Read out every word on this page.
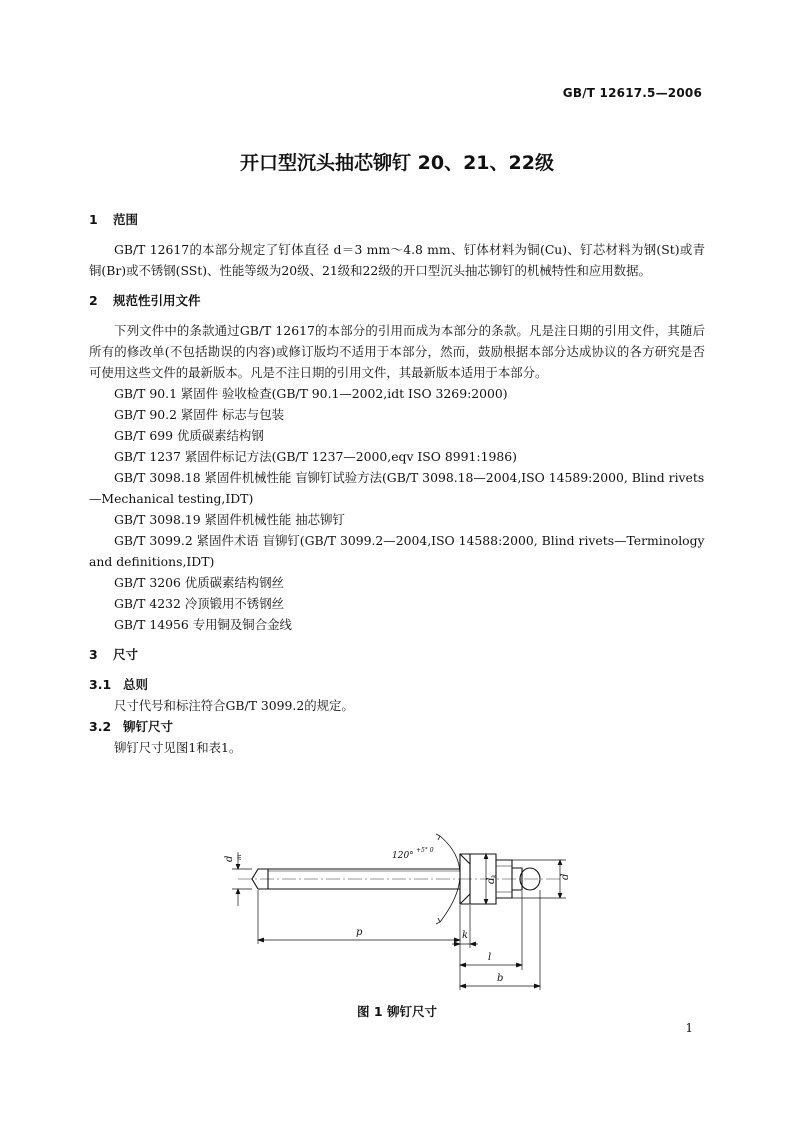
GB/T 12617.5—2006
开口型沉头抽芯铆钉 20、21、22级

1 范围

GB/T 12617的本部分规定了钉体直径 d＝3 mm～4.8 mm、钉体材料为铜(Cu)、钉芯材料为钢(St)或青铜(Br)或不锈钢(SSt)、性能等级为20级、21级和22级的开口型沉头抽芯铆钉的机械特性和应用数据。

2 规范性引用文件

下列文件中的条款通过GB/T 12617的本部分的引用而成为本部分的条款。凡是注日期的引用文件，其随后所有的修改单(不包括勘误的内容)或修订版均不适用于本部分，然而，鼓励根据本部分达成协议的各方研究是否可使用这些文件的最新版本。凡是不注日期的引用文件，其最新版本适用于本部分。

GB/T 90.1 紧固件 验收检查(GB/T 90.1—2002,idt ISO 3269:2000)

GB/T 90.2 紧固件 标志与包装

GB/T 699 优质碳素结构钢

GB/T 1237 紧固件标记方法(GB/T 1237—2000,eqv ISO 8991:1986)

GB/T 3098.18 紧固件机械性能 盲铆钉试验方法(GB/T 3098.18—2004,ISO 14589:2000, Blind rivets—Mechanical testing,IDT)

GB/T 3098.19 紧固件机械性能 抽芯铆钉

GB/T 3099.2 紧固件术语 盲铆钉(GB/T 3099.2—2004,ISO 14588:2000, Blind rivets—Terminology and definitions,IDT)

GB/T 3206 优质碳素结构钢丝

GB/T 4232 冷顶锻用不锈钢丝

GB/T 14956 专用铜及铜合金线

3 尺寸

3.1 总则

尺寸代号和标注符合GB/T 3099.2的规定。

3.2 铆钉尺寸

铆钉尺寸见图1和表1。

d m	120°
+5° 0
d
k	d
p	k
l
b
图 1 铆钉尺寸
1
